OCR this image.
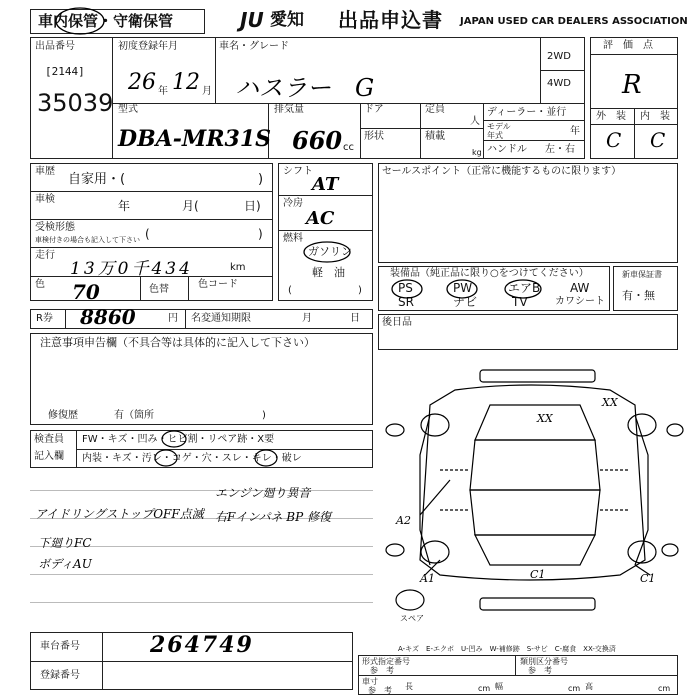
車内保管・守衛保管	JU 愛知 出品申込書 JAPAN USED CAR DEALERS ASSOCIATION
出品番号
[2144]
35039
初度登録年月
26 年 12 月
車名・グレード
ハスラー　G
2WD
4WD
型式
DBA-MR31S
排気量
660 cc
ドア	定員
人
形状	積載
kg
ディーラー・並行
モデル年式	年
ハンドル 左・右
評　価　点
R
外　装 内　装
C C
車歴
自家用・(	)
車検	年	月(	日)
受検形態
車検付きの場合も記入して下さい (	)
走行
13万0千434	km
色 70	色替	色コード
シフト
AT
冷房
AC
燃料
ガソリン
軽　油
(	)
セールスポイント（正常に機能するものに限ります）
装備品（純正品に限り○をつけてください）
PS	PW	エアB AW
SR	ナビ	TV	カワシート
新車保証書
有・無
R券 8860	円 名変通知期限	月	日 後日品
注意事項申告欄（不具合等は具体的に記入して下さい）
修復歴	有（箇所	)
検査員
記入欄
FW・キズ・凹み・ヒビ割・リペア跡・X要
内装・キズ・汚レ・コゲ・穴・スレ・キレ・破レ
アイドリングストップOFF点滅
下廻りFC
ボディAU
エンジン廻り異音
右Fインパネ BP 修復
XX
XX
A2
A1	C1	C1
スペア
車台番号	264749
登録番号
A-キズ　E-エクボ　U-凹み　W-補修跡　S-サビ　C-腐食　XX-交換済
形式指定番号
参　考
類別区分番号
参　考
車寸
参　考 長	cm 幅	cm 高	cm
